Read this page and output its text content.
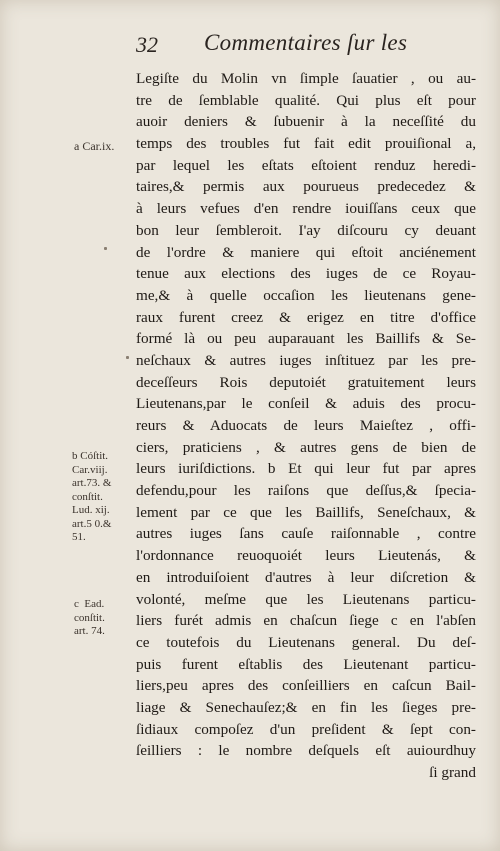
32 Commentaires ſur les
a Car.ix.
b Cóſtit.
Car.viij.
art.73. &
conſtit.
Lud. xij.
art.5 0.&
51.
c  Ead.
conſtit.
art. 74.
Legiſte du Molin vn ſimple ſauatier , ou au-
tre de ſemblable qualité. Qui plus eſt pour
auoir deniers & ſubuenir à la neceſſité du
temps des troubles fut fait edit prouiſional a,
par lequel les eſtats eſtoient renduz heredi-
taires,& permis aux pourueus predecedez &
à leurs vefues d'en rendre iouiſſans ceux que
bon leur ſembleroit. I'ay diſcouru cy deuant
de l'ordre & maniere qui eſtoit anciénement
tenue aux elections des iuges de ce Royau-
me,& à quelle occaſion les lieutenans gene-
raux furent creez & erigez en titre d'office
formé là ou peu auparauant les Baillifs & Se-
neſchaux & autres iuges inſtituez par les pre-
deceſſeurs Rois deputoiét gratuitement leurs
Lieutenans,par le conſeil & aduis des procu-
reurs & Aduocats de leurs Maieſtez , offi-
ciers, praticiens , & autres gens de bien de
leurs iuriſdictions. b Et qui leur fut par apres
defendu,pour les raiſons que deſſus,& ſpecia-
lement par ce que les Baillifs, Seneſchaux, &
autres iuges ſans cauſe raiſonnable , contre
l'ordonnance reuoquoiét leurs Lieutenás, &
en introduiſoient d'autres à leur diſcretion &
volonté, meſme que les Lieutenans particu-
liers furét admis en chaſcun ſiege c en l'abſen
ce toutefois du Lieutenans general. Du deſ-
puis furent eſtablis des Lieutenant particu-
liers,peu apres des conſeilliers en caſcun Bail-
liage & Senechauſez;& en fin les ſieges pre-
ſidiaux compoſez d'un preſident & ſept con-
ſeilliers : le nombre deſquels eſt auiourdhuy
ſi grand
